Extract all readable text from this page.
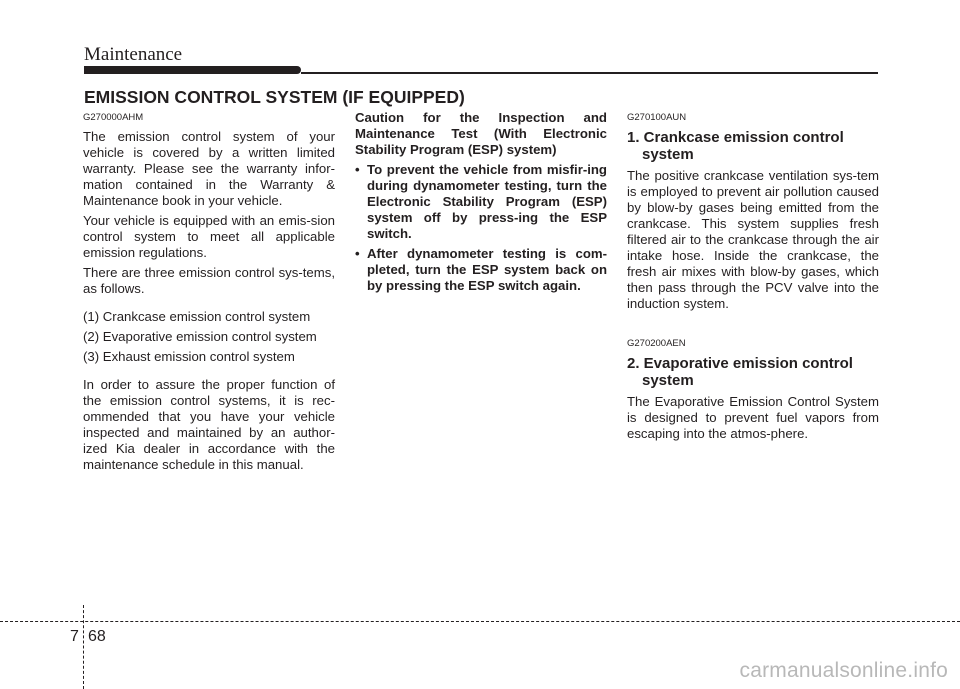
Maintenance
EMISSION CONTROL SYSTEM (IF EQUIPPED)
G270000AHM

The emission control system of your vehicle is covered by a written limited warranty. Please see the warranty infor-mation contained in the Warranty & Maintenance book in your vehicle.

Your vehicle is equipped with an emis-sion control system to meet all applicable emission regulations.

There are three emission control sys-tems, as follows.

(1) Crankcase emission control system

(2) Evaporative emission control system

(3) Exhaust emission control system

In order to assure the proper function of the emission control systems, it is rec-ommended that you have your vehicle inspected and maintained by an author-ized Kia dealer in accordance with the maintenance schedule in this manual.

Caution for the Inspection and Maintenance Test (With Electronic Stability Program (ESP) system)
• To prevent the vehicle from misfir-ing during dynamometer testing, turn the Electronic Stability Program (ESP) system off by press-ing the ESP switch.
• After dynamometer testing is com-pleted, turn the ESP system back on by pressing the ESP switch again.
G270100AUN
1. Crankcase emission control system

The positive crankcase ventilation sys-tem is employed to prevent air pollution caused by blow-by gases being emitted from the crankcase. This system supplies fresh filtered air to the crankcase through the air intake hose. Inside the crankcase, the fresh air mixes with blow-by gases, which then pass through the PCV valve into the induction system.

G270200AEN
2. Evaporative emission control system

The Evaporative Emission Control System is designed to prevent fuel vapors from escaping into the atmos-phere.

7 68
carmanualsonline.info
